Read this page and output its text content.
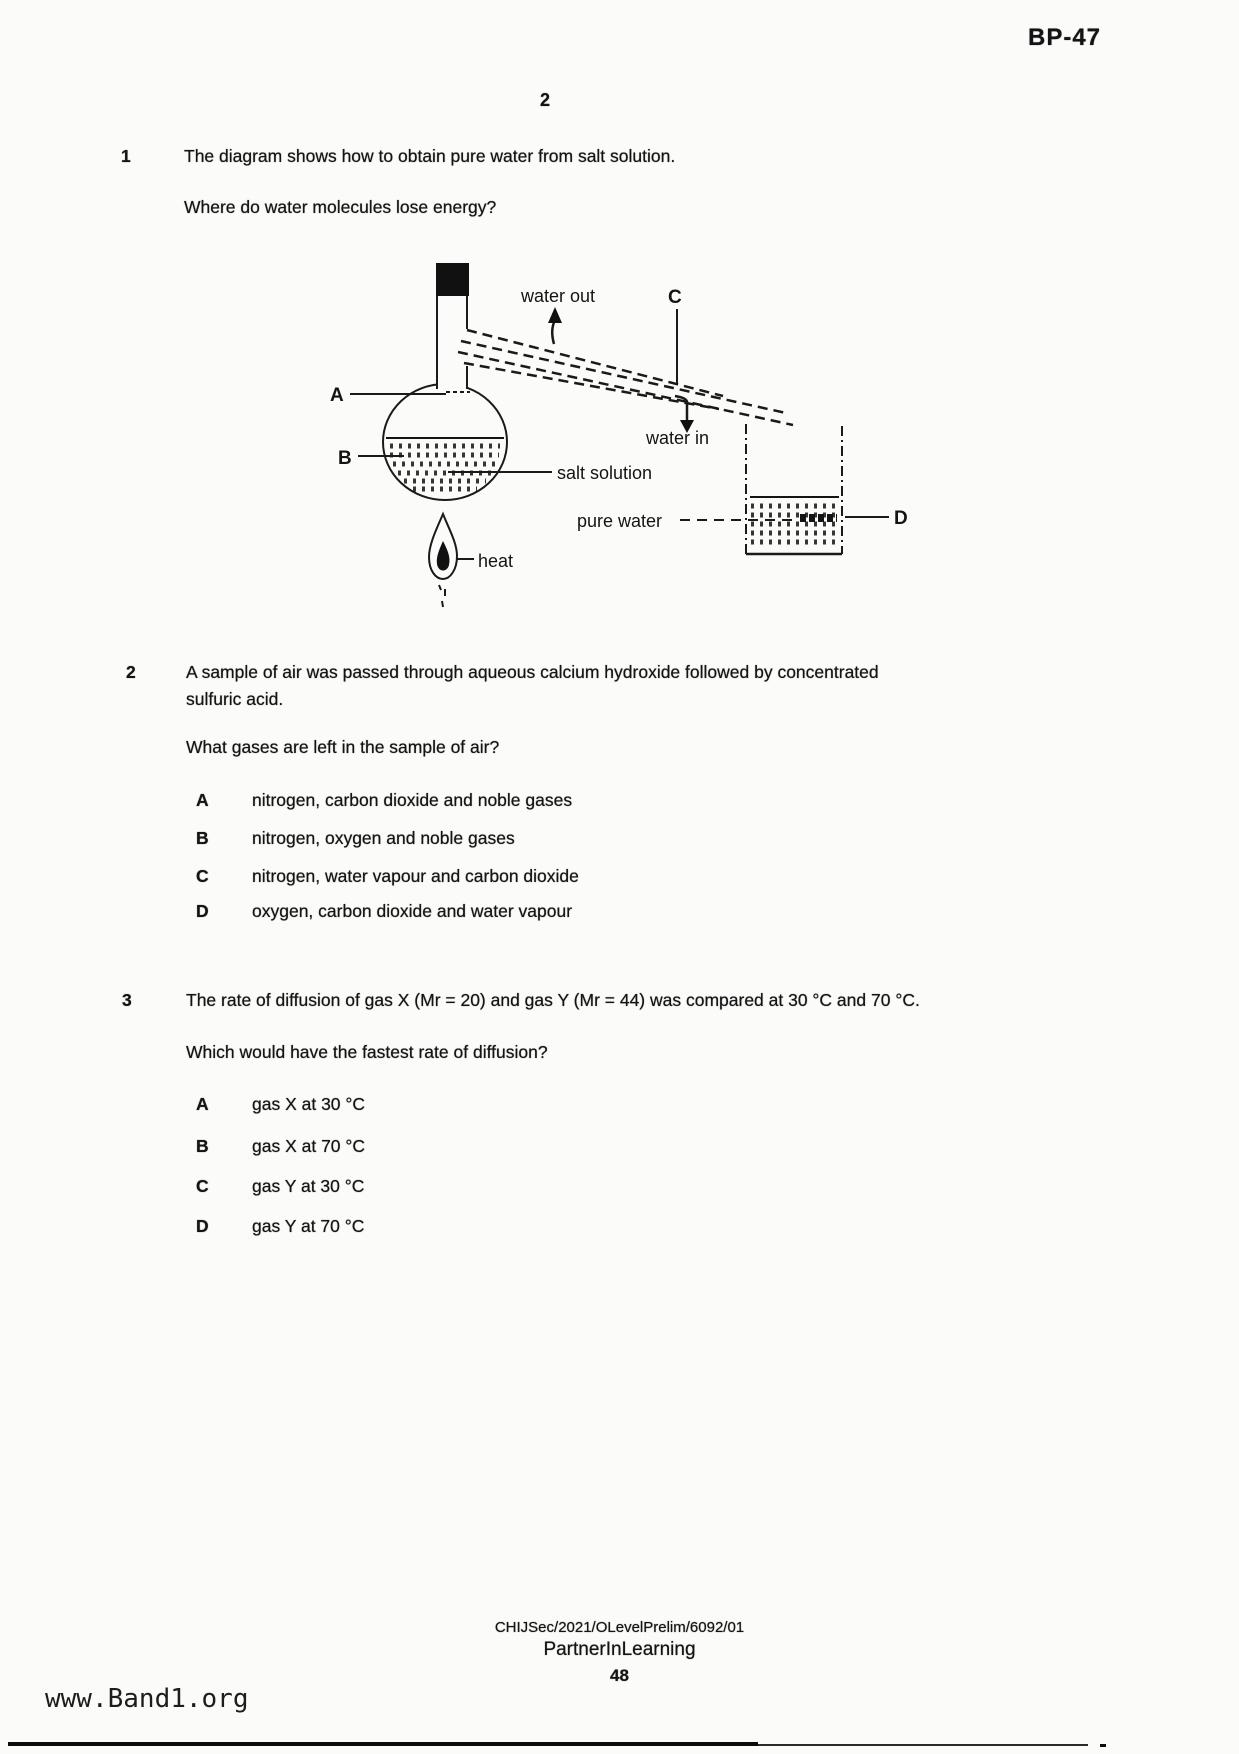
BP-47
2
1	The diagram shows how to obtain pure water from salt solution.
Where do water molecules lose energy?
water out	C
water in
A
B
salt solution
heat
pure water	D
2	A sample of air was passed through aqueous calcium hydroxide followed by concentrated
sulfuric acid.
What gases are left in the sample of air?
A nitrogen, carbon dioxide and noble gases
B nitrogen, oxygen and noble gases
C nitrogen, water vapour and carbon dioxide
D oxygen, carbon dioxide and water vapour
3	The rate of diffusion of gas X (Mr = 20) and gas Y (Mr = 44) was compared at 30 °C and 70 °C.
Which would have the fastest rate of diffusion?
A gas X at 30 °C
B gas X at 70 °C
C gas Y at 30 °C
D gas Y at 70 °C
CHIJSec/2021/OLevelPrelim/6092/01
PartnerInLearning
48
www.Band1.org
